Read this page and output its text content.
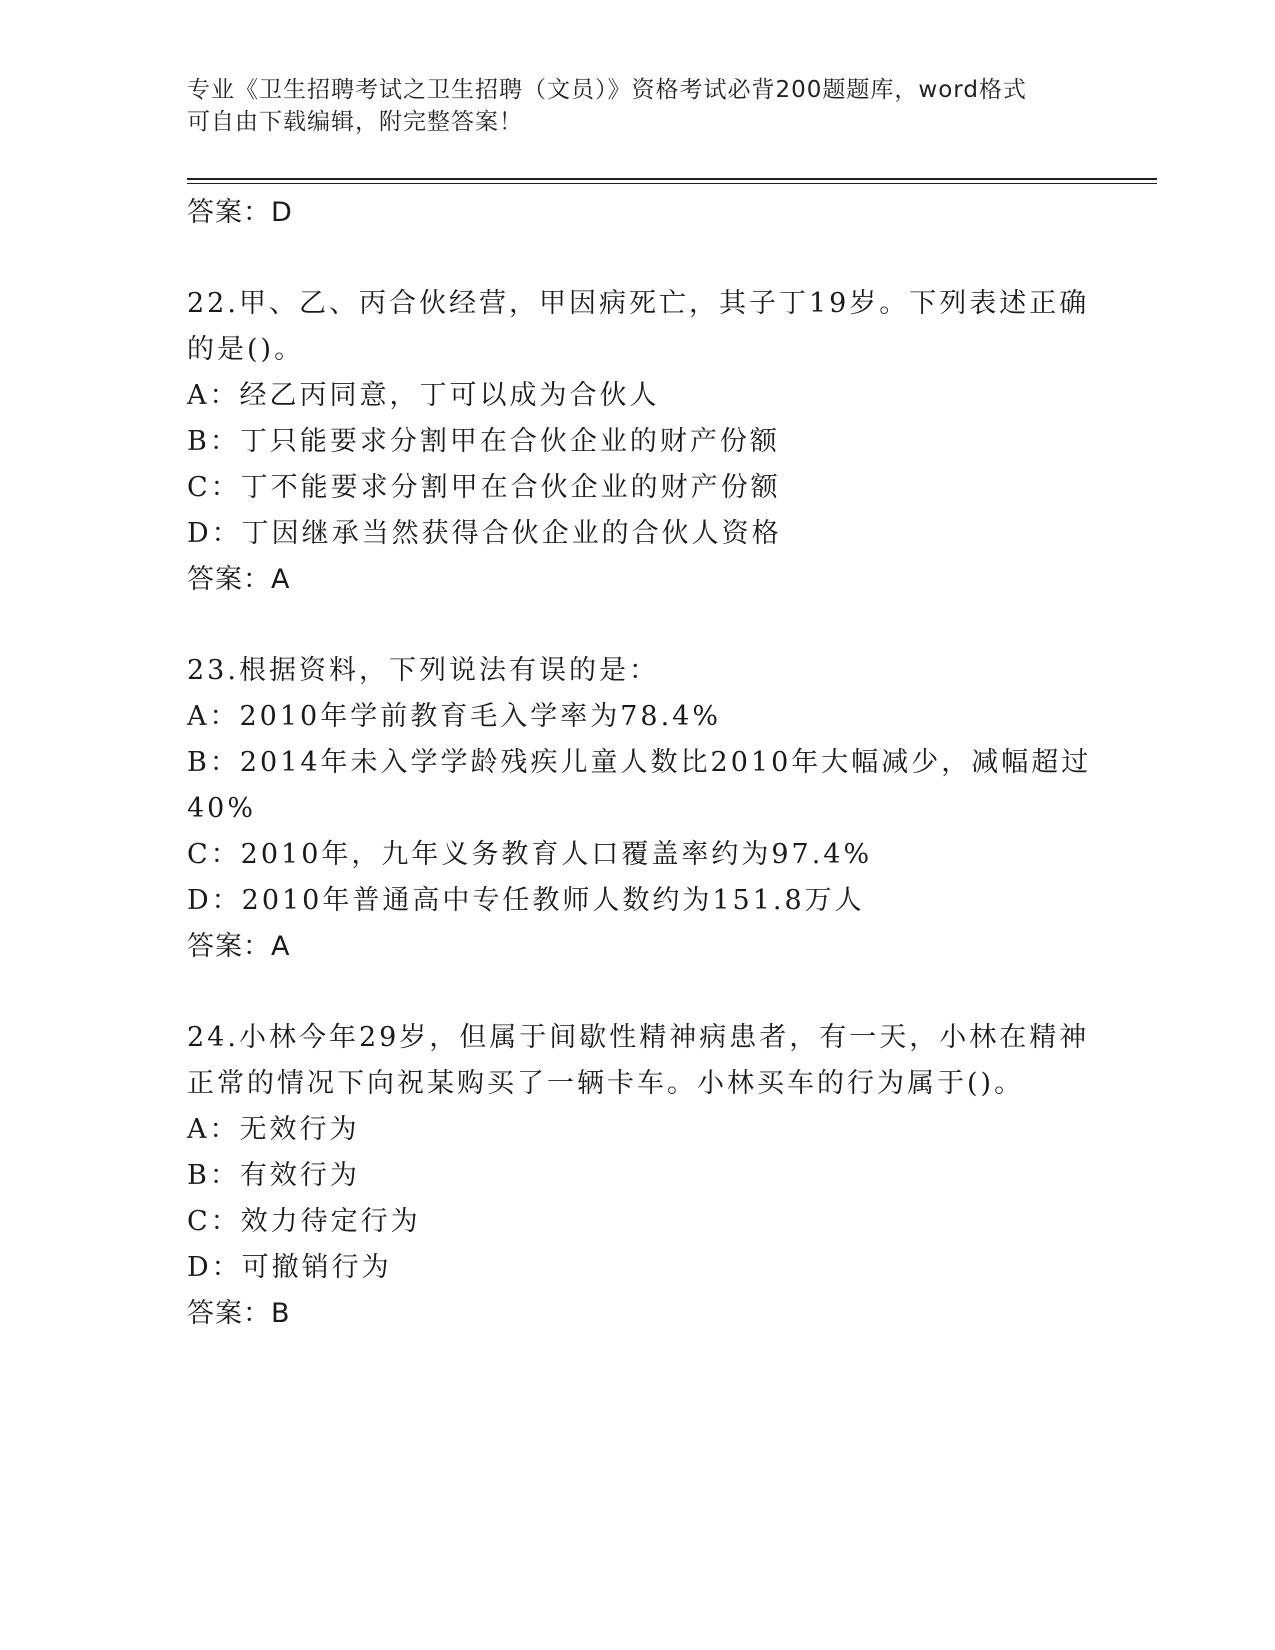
专业《卫生招聘考试之卫生招聘（文员）》资格考试必背200题题库，word格式
可自由下载编辑，附完整答案！
答案：D
22.甲、乙、丙合伙经营，甲因病死亡，其子丁19岁。下列表述正确
的是()。
A：经乙丙同意，丁可以成为合伙人
B：丁只能要求分割甲在合伙企业的财产份额
C：丁不能要求分割甲在合伙企业的财产份额
D：丁因继承当然获得合伙企业的合伙人资格
答案：A
23.根据资料，下列说法有误的是：
A：2010年学前教育毛入学率为78.4%
B：2014年未入学学龄残疾儿童人数比2010年大幅减少，减幅超过
40%
C：2010年，九年义务教育人口覆盖率约为97.4%
D：2010年普通高中专任教师人数约为151.8万人
答案：A
24.小林今年29岁，但属于间歇性精神病患者，有一天，小林在精神
正常的情况下向祝某购买了一辆卡车。小林买车的行为属于()。
A：无效行为
B：有效行为
C：效力待定行为
D：可撤销行为
答案：B
